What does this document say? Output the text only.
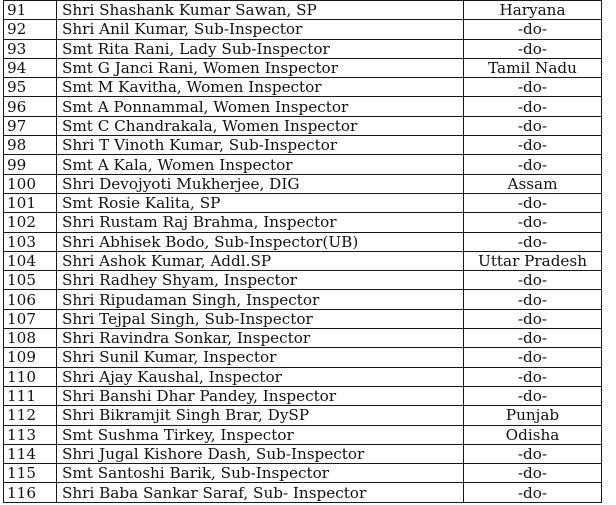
91	Shri Shashank Kumar Sawan, SP	Haryana
92	Shri Anil Kumar, Sub-Inspector	-do-
93	Smt Rita Rani, Lady Sub-Inspector	-do-
94	Smt G Janci Rani, Women Inspector	Tamil Nadu
95	Smt M Kavitha, Women Inspector	-do-
96	Smt A Ponnammal, Women Inspector	-do-
97	Smt C Chandrakala, Women Inspector	-do-
98	Shri T Vinoth Kumar, Sub-Inspector	-do-
99	Smt A Kala, Women Inspector	-do-
100	Shri Devojyoti Mukherjee, DIG	Assam
101	Smt Rosie Kalita, SP	-do-
102	Shri Rustam Raj Brahma, Inspector	-do-
103	Shri Abhisek Bodo, Sub-Inspector(UB)	-do-
104	Shri Ashok Kumar, Addl.SP	Uttar Pradesh
105	Shri Radhey Shyam, Inspector	-do-
106	Shri Ripudaman Singh, Inspector	-do-
107	Shri Tejpal Singh, Sub-Inspector	-do-
108	Shri Ravindra Sonkar, Inspector	-do-
109	Shri Sunil Kumar, Inspector	-do-
110	Shri Ajay Kaushal, Inspector	-do-
111	Shri Banshi Dhar Pandey, Inspector	-do-
112	Shri Bikramjit Singh Brar, DySP	Punjab
113	Smt Sushma Tirkey, Inspector	Odisha
114	Shri Jugal Kishore Dash, Sub-Inspector	-do-
115	Smt Santoshi Barik, Sub-Inspector	-do-
116	Shri Baba Sankar Saraf, Sub- Inspector	-do-
